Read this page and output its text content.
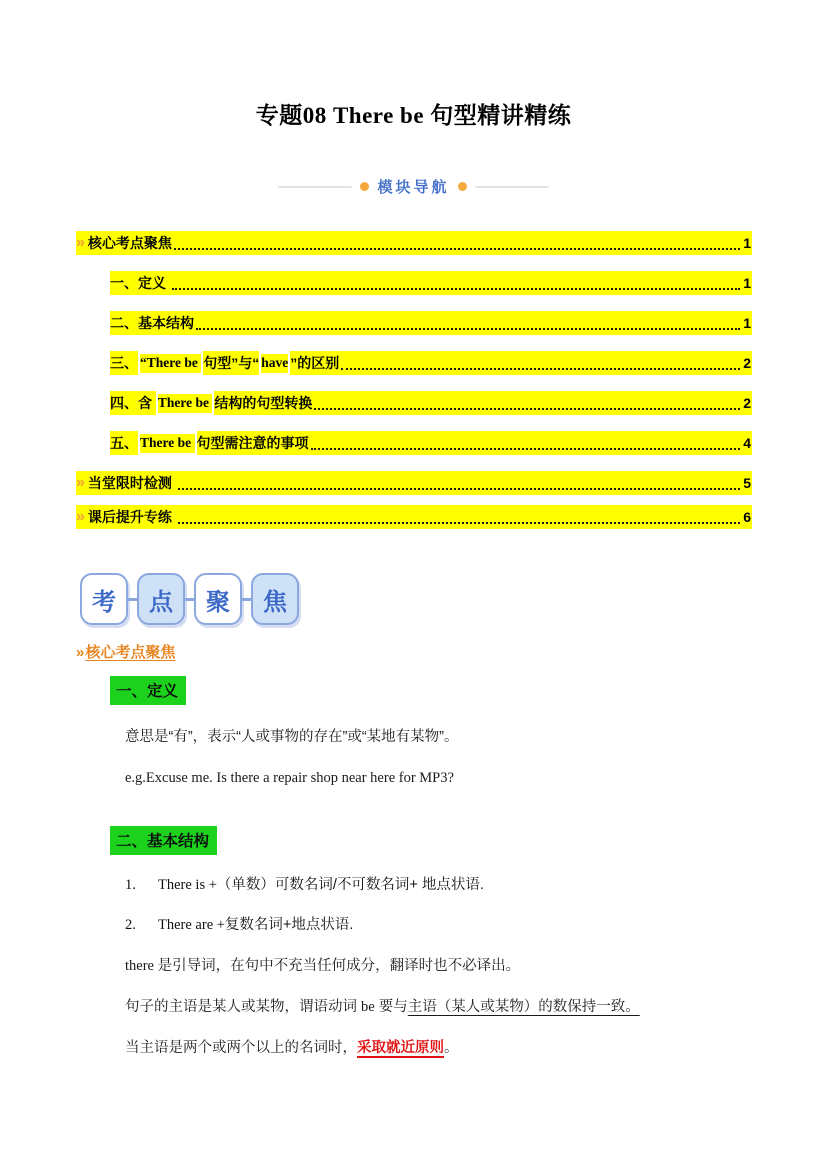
专题08 There be 句型精讲精练
模块导航
» 核心考点聚焦	1
一、定义	1
二、基本结构	1
三、 “There be 句型”与“ have ”的区别	2
四、含 There be 结构的句型转换	2
五、 There be 句型需注意的事项	4
» 当堂限时检测	5
» 课后提升专练	6
考 点 聚 焦
»核心考点聚焦
一、定义
意思是“有”，表示“人或事物的存在”或“某地有某物”。
e.g.Excuse me. Is there a repair shop near here for MP3?
二、基本结构
1.	There is +（单数）可数名词/不可数名词+ 地点状语.
2.	There are +复数名词+地点状语.
there 是引导词，在句中不充当任何成分，翻译时也不必译出。
句子的主语是某人或某物，谓语动词 be 要与主语（某人或某物）的数保持一致。
当主语是两个或两个以上的名词时，采取就近原则。
